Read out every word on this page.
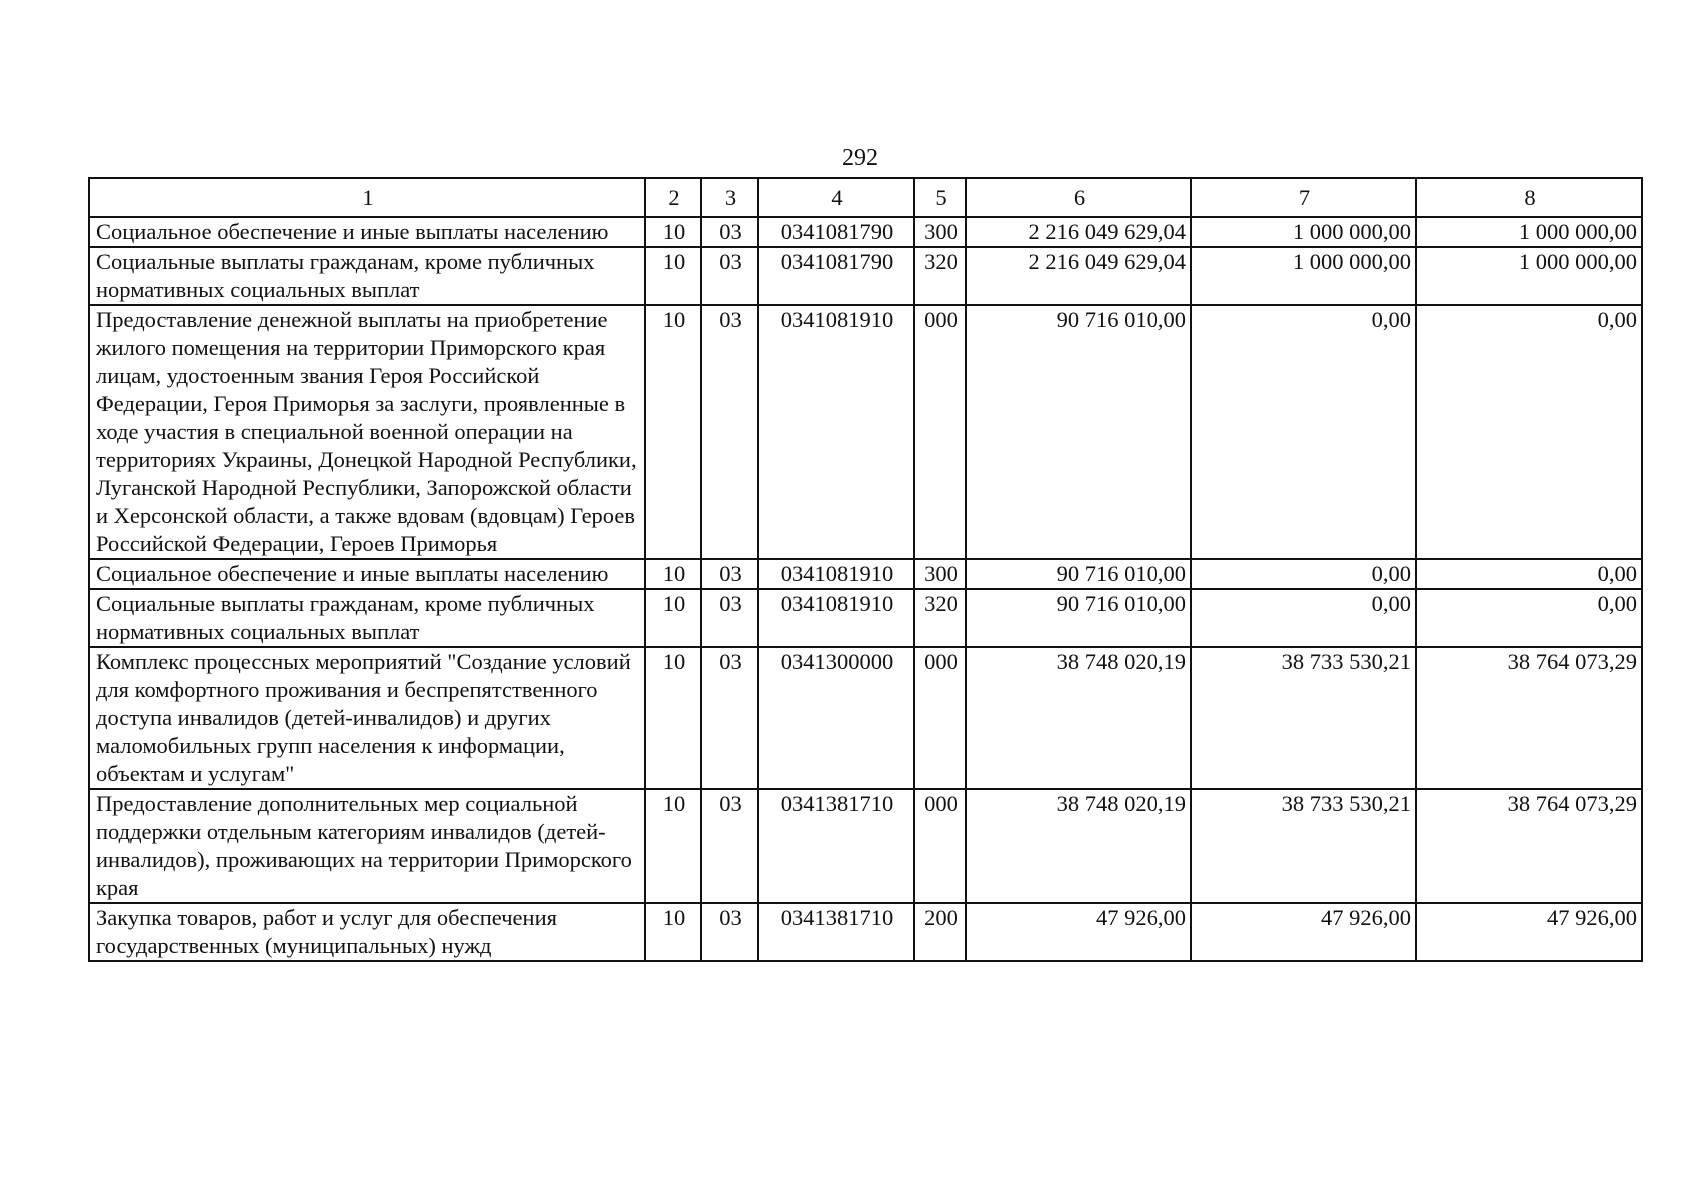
292
1	2	3	4	5	6	7	8
Социальное обеспечение и иные выплаты населению	10	03	0341081790	300	2 216 049 629,04	1 000 000,00	1 000 000,00
Социальные выплаты гражданам, кроме публичных нормативных социальных выплат	10	03	0341081790	320	2 216 049 629,04	1 000 000,00	1 000 000,00
Предоставление денежной выплаты на приобретение жилого помещения на территории Приморского края лицам, удостоенным звания Героя Российской Федерации, Героя Приморья за заслуги, проявленные в ходе участия в специальной военной операции на территориях Украины, Донецкой Народной Республики, Луганской Народной Республики, Запорожской области и Херсонской области, а также вдовам (вдовцам) Героев Российской Федерации, Героев Приморья	10	03	0341081910	000	90 716 010,00	0,00	0,00
Социальное обеспечение и иные выплаты населению	10	03	0341081910	300	90 716 010,00	0,00	0,00
Социальные выплаты гражданам, кроме публичных нормативных социальных выплат	10	03	0341081910	320	90 716 010,00	0,00	0,00
Комплекс процессных мероприятий "Создание условий для комфортного проживания и беспрепятственного доступа инвалидов (детей-инвалидов) и других маломобильных групп населения к информации, объектам и услугам"	10	03	0341300000	000	38 748 020,19	38 733 530,21	38 764 073,29
Предоставление дополнительных мер социальной поддержки отдельным категориям инвалидов (детей-инвалидов), проживающих на территории Приморского края	10	03	0341381710	000	38 748 020,19	38 733 530,21	38 764 073,29
Закупка товаров, работ и услуг для обеспечения государственных (муниципальных) нужд	10	03	0341381710	200	47 926,00	47 926,00	47 926,00
